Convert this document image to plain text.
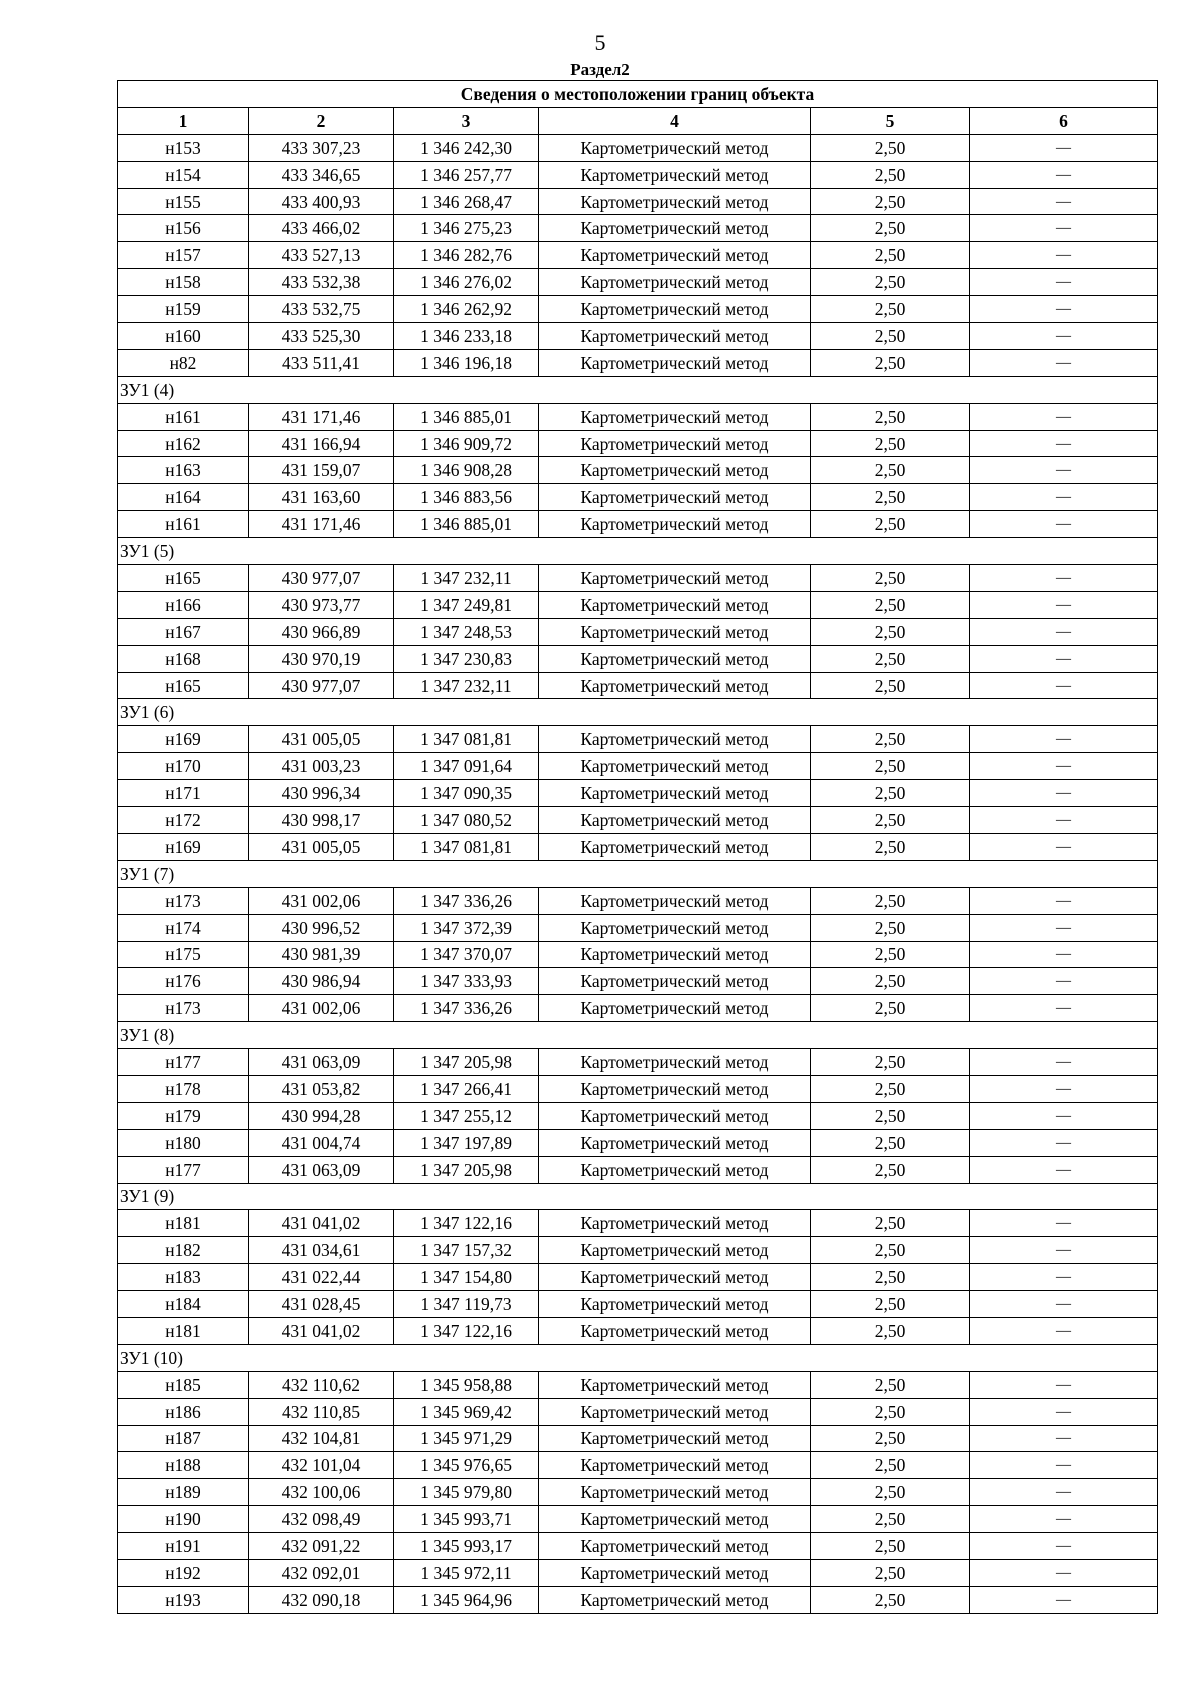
5
Раздел2
Сведения о местоположении границ объекта					
1	2	3	4	5	6
н153	433 307,23	1 346 242,30	Картометрический метод	2,50	—
н154	433 346,65	1 346 257,77	Картометрический метод	2,50	—
н155	433 400,93	1 346 268,47	Картометрический метод	2,50	—
н156	433 466,02	1 346 275,23	Картометрический метод	2,50	—
н157	433 527,13	1 346 282,76	Картометрический метод	2,50	—
н158	433 532,38	1 346 276,02	Картометрический метод	2,50	—
н159	433 532,75	1 346 262,92	Картометрический метод	2,50	—
н160	433 525,30	1 346 233,18	Картометрический метод	2,50	—
н82	433 511,41	1 346 196,18	Картометрический метод	2,50	—
ЗУ1 (4)					
н161	431 171,46	1 346 885,01	Картометрический метод	2,50	—
н162	431 166,94	1 346 909,72	Картометрический метод	2,50	—
н163	431 159,07	1 346 908,28	Картометрический метод	2,50	—
н164	431 163,60	1 346 883,56	Картометрический метод	2,50	—
н161	431 171,46	1 346 885,01	Картометрический метод	2,50	—
ЗУ1 (5)					
н165	430 977,07	1 347 232,11	Картометрический метод	2,50	—
н166	430 973,77	1 347 249,81	Картометрический метод	2,50	—
н167	430 966,89	1 347 248,53	Картометрический метод	2,50	—
н168	430 970,19	1 347 230,83	Картометрический метод	2,50	—
н165	430 977,07	1 347 232,11	Картометрический метод	2,50	—
ЗУ1 (6)					
н169	431 005,05	1 347 081,81	Картометрический метод	2,50	—
н170	431 003,23	1 347 091,64	Картометрический метод	2,50	—
н171	430 996,34	1 347 090,35	Картометрический метод	2,50	—
н172	430 998,17	1 347 080,52	Картометрический метод	2,50	—
н169	431 005,05	1 347 081,81	Картометрический метод	2,50	—
ЗУ1 (7)					
н173	431 002,06	1 347 336,26	Картометрический метод	2,50	—
н174	430 996,52	1 347 372,39	Картометрический метод	2,50	—
н175	430 981,39	1 347 370,07	Картометрический метод	2,50	—
н176	430 986,94	1 347 333,93	Картометрический метод	2,50	—
н173	431 002,06	1 347 336,26	Картометрический метод	2,50	—
ЗУ1 (8)					
н177	431 063,09	1 347 205,98	Картометрический метод	2,50	—
н178	431 053,82	1 347 266,41	Картометрический метод	2,50	—
н179	430 994,28	1 347 255,12	Картометрический метод	2,50	—
н180	431 004,74	1 347 197,89	Картометрический метод	2,50	—
н177	431 063,09	1 347 205,98	Картометрический метод	2,50	—
ЗУ1 (9)					
н181	431 041,02	1 347 122,16	Картометрический метод	2,50	—
н182	431 034,61	1 347 157,32	Картометрический метод	2,50	—
н183	431 022,44	1 347 154,80	Картометрический метод	2,50	—
н184	431 028,45	1 347 119,73	Картометрический метод	2,50	—
н181	431 041,02	1 347 122,16	Картометрический метод	2,50	—
ЗУ1 (10)					
н185	432 110,62	1 345 958,88	Картометрический метод	2,50	—
н186	432 110,85	1 345 969,42	Картометрический метод	2,50	—
н187	432 104,81	1 345 971,29	Картометрический метод	2,50	—
н188	432 101,04	1 345 976,65	Картометрический метод	2,50	—
н189	432 100,06	1 345 979,80	Картометрический метод	2,50	—
н190	432 098,49	1 345 993,71	Картометрический метод	2,50	—
н191	432 091,22	1 345 993,17	Картометрический метод	2,50	—
н192	432 092,01	1 345 972,11	Картометрический метод	2,50	—
н193	432 090,18	1 345 964,96	Картометрический метод	2,50	—
